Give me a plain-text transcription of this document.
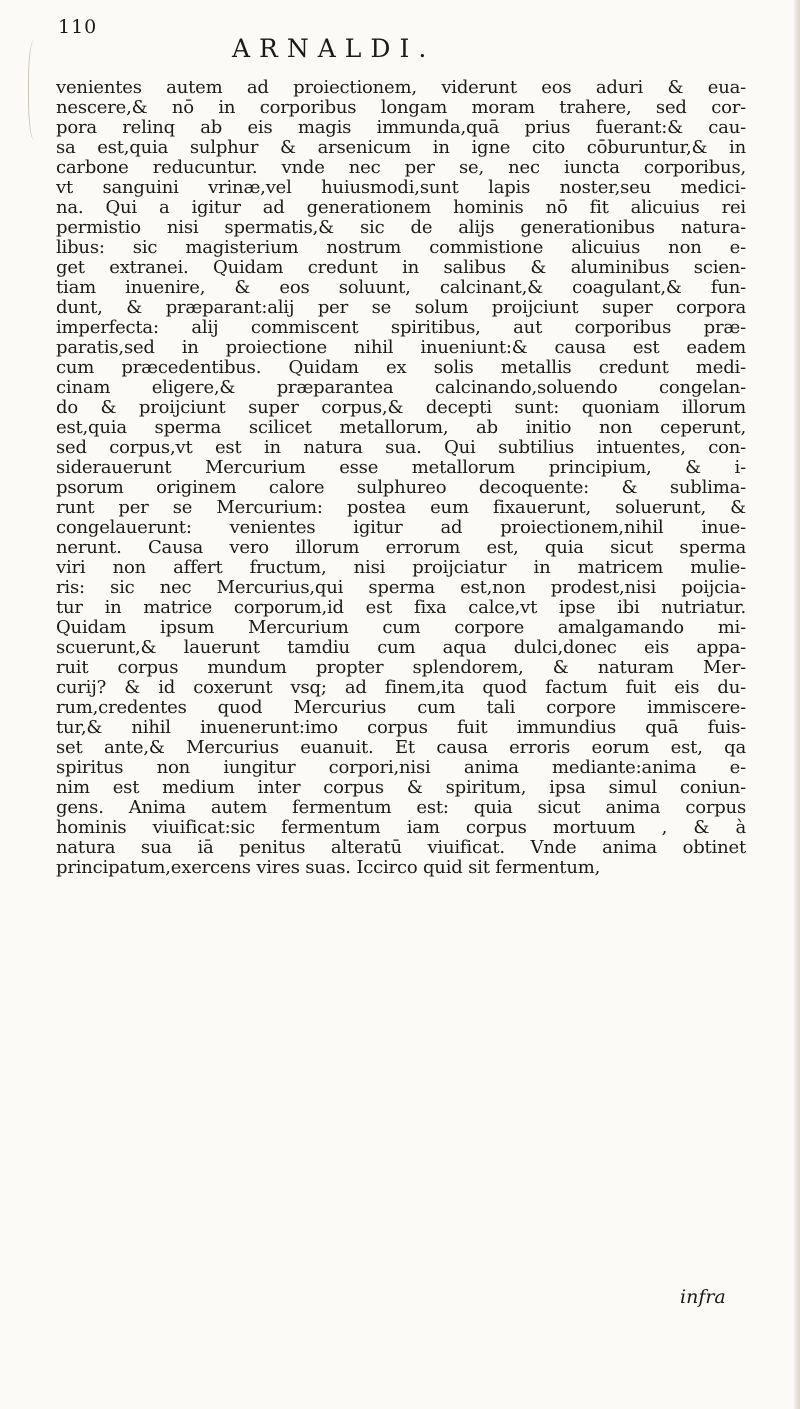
110
ARNALDI.
venientes autem ad proiectionem, viderunt eos aduri & eua-
nescere,& nō in corporibus longam moram trahere, sed cor-
pora relinq ab eis magis immunda,quā prius fuerant:& cau-
sa est,quia sulphur & arsenicum in igne cito cōburuntur,& in
carbone reducuntur. vnde nec per se, nec iuncta corporibus,
vt sanguini vrinæ,vel huiusmodi,sunt lapis noster,seu medici-
na. Qui a igitur ad generationem hominis nō fit alicuius rei
permistio nisi spermatis,& sic de alijs generationibus natura-
libus: sic magisterium nostrum commistione alicuius non e-
get extranei. Quidam credunt in salibus & aluminibus scien-
tiam inuenire, & eos soluunt, calcinant,& coagulant,& fun-
dunt, & præparant:alij per se solum proijciunt super corpora
imperfecta: alij commiscent spiritibus, aut corporibus præ-
paratis,sed in proiectione nihil inueniunt:& causa est eadem
cum præcedentibus. Quidam ex solis metallis credunt medi-
cinam eligere,& præparantea calcinando,soluendo congelan-
do & proijciunt super corpus,& decepti sunt: quoniam illorum
est,quia sperma scilicet metallorum, ab initio non ceperunt,
sed corpus,vt est in natura sua. Qui subtilius intuentes, con-
siderauerunt Mercurium esse metallorum principium, & i-
psorum originem calore sulphureo decoquente: & sublima-
runt per se Mercurium: postea eum fixauerunt, soluerunt, &
congelauerunt: venientes igitur ad proiectionem,nihil inue-
nerunt. Causa vero illorum errorum est, quia sicut sperma
viri non affert fructum, nisi proijciatur in matricem mulie-
ris: sic nec Mercurius,qui sperma est,non prodest,nisi poijcia-
tur in matrice corporum,id est fixa calce,vt ipse ibi nutriatur.
Quidam ipsum Mercurium cum corpore amalgamando mi-
scuerunt,& lauerunt tamdiu cum aqua dulci,donec eis appa-
ruit corpus mundum propter splendorem, & naturam Mer-
curij? & id coxerunt vsq; ad finem,ita quod factum fuit eis du-
rum,credentes quod Mercurius cum tali corpore immiscere-
tur,& nihil inuenerunt:imo corpus fuit immundius quā fuis-
set ante,& Mercurius euanuit. Et causa erroris eorum est, qa
spiritus non iungitur corpori,nisi anima mediante:anima e-
nim est medium inter corpus & spiritum, ipsa simul coniun-
gens. Anima autem fermentum est: quia sicut anima corpus
hominis viuificat:sic fermentum iam corpus mortuum , & à
natura sua iā penitus alteratū viuificat. Vnde anima obtinet
principatum,exercens vires suas. Iccirco quid sit fermentum,
infra
